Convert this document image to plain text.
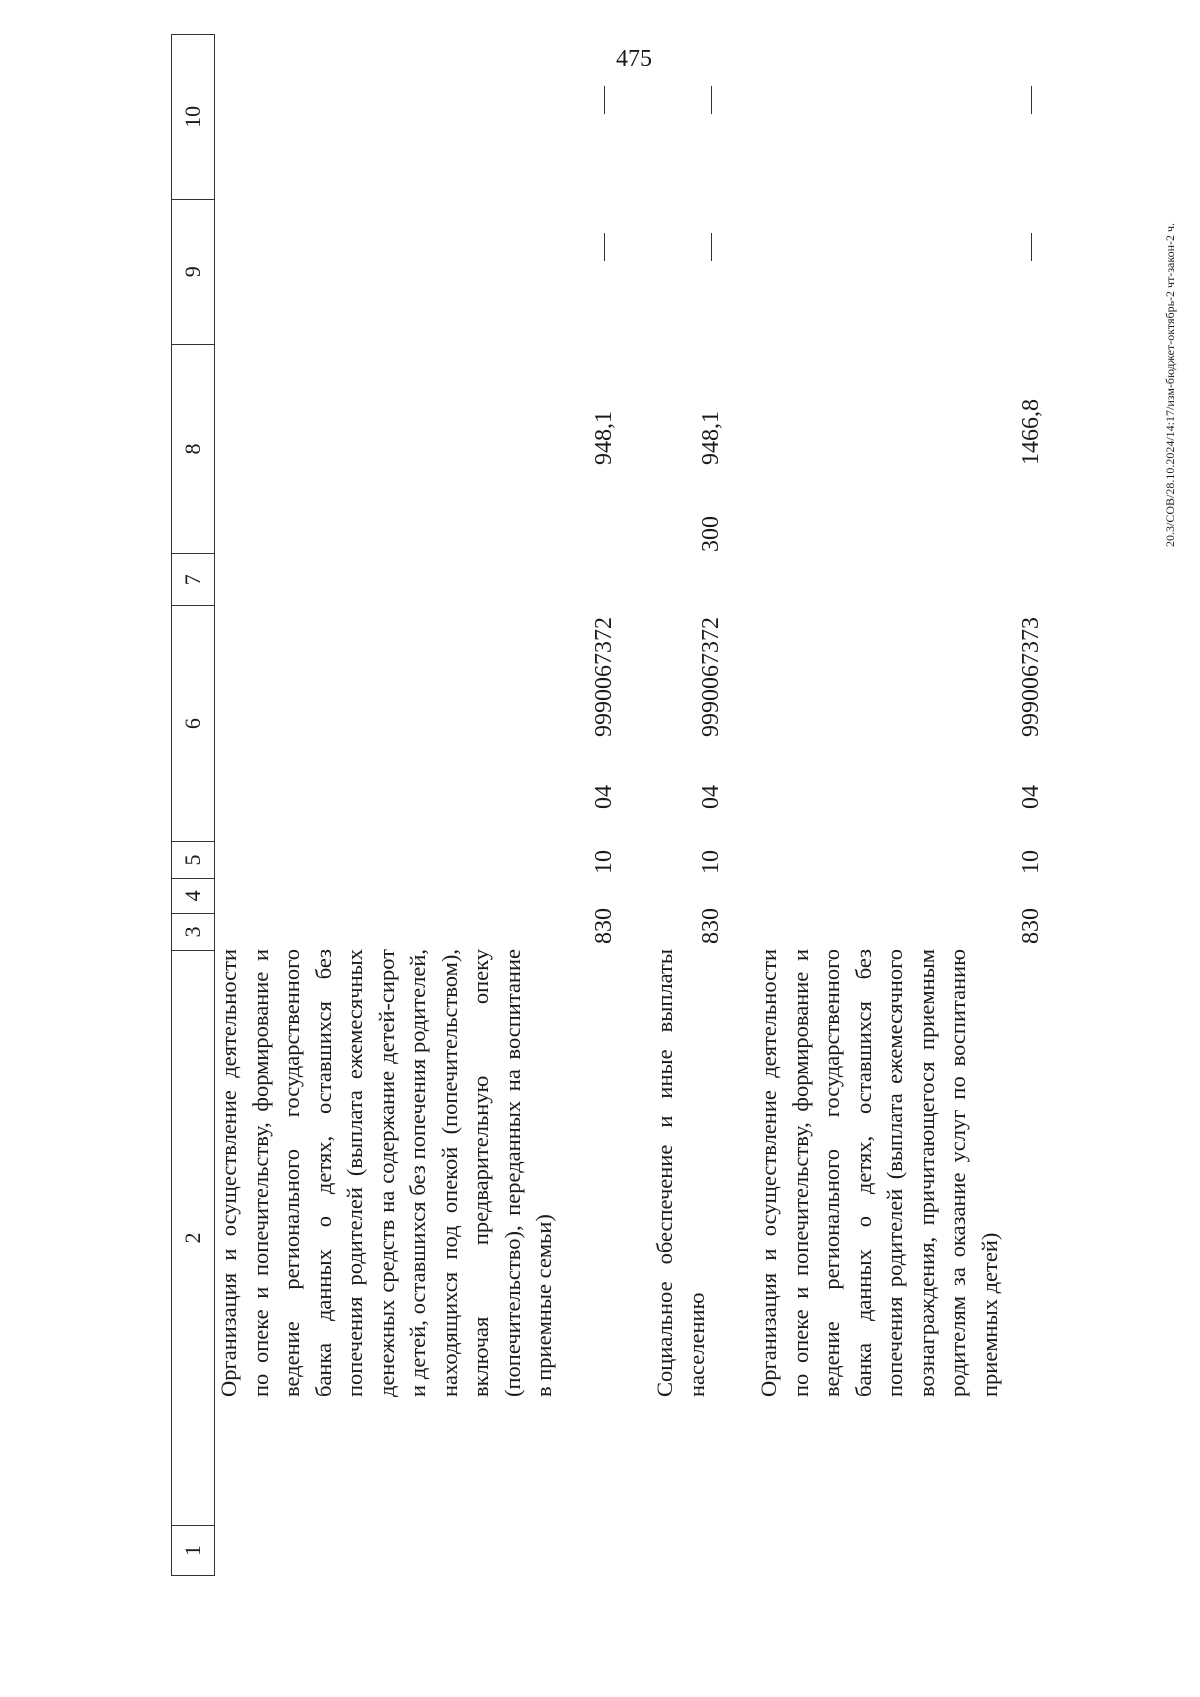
475
1
2
3
4
5
6
7
8
9
10
Организация и осуществление деятельности по опеке и попечительству, формирование и ведение регионального государственного банка данных о детях, оставшихся без попечения родителей (выплата ежемесячных денежных средств на содержание детей-сирот и детей, оставшихся без попечения родителей, находящихся под опекой (попечительством), включая предварительную опеку (попечительство), переданных на воспитание в приемные семьи)
830
10
04
9990067372
948,1
Социальное обеспечение и иные выплаты населению
830
10
04
9990067372
300
948,1
Организация и осуществление деятельности по опеке и попечительству, формирование и ведение регионального государственного банка данных о детях, оставшихся без попечения родителей (выплата ежемесячного вознаграждения, причитающегося приемным родителям за оказание услуг по воспитанию приемных детей)
830
10
04
9990067373
1466,8	20.3/СОВ/28.10.2024/14:17/изм-бюджет-октябрь-2 чт-закон-2 ч.
